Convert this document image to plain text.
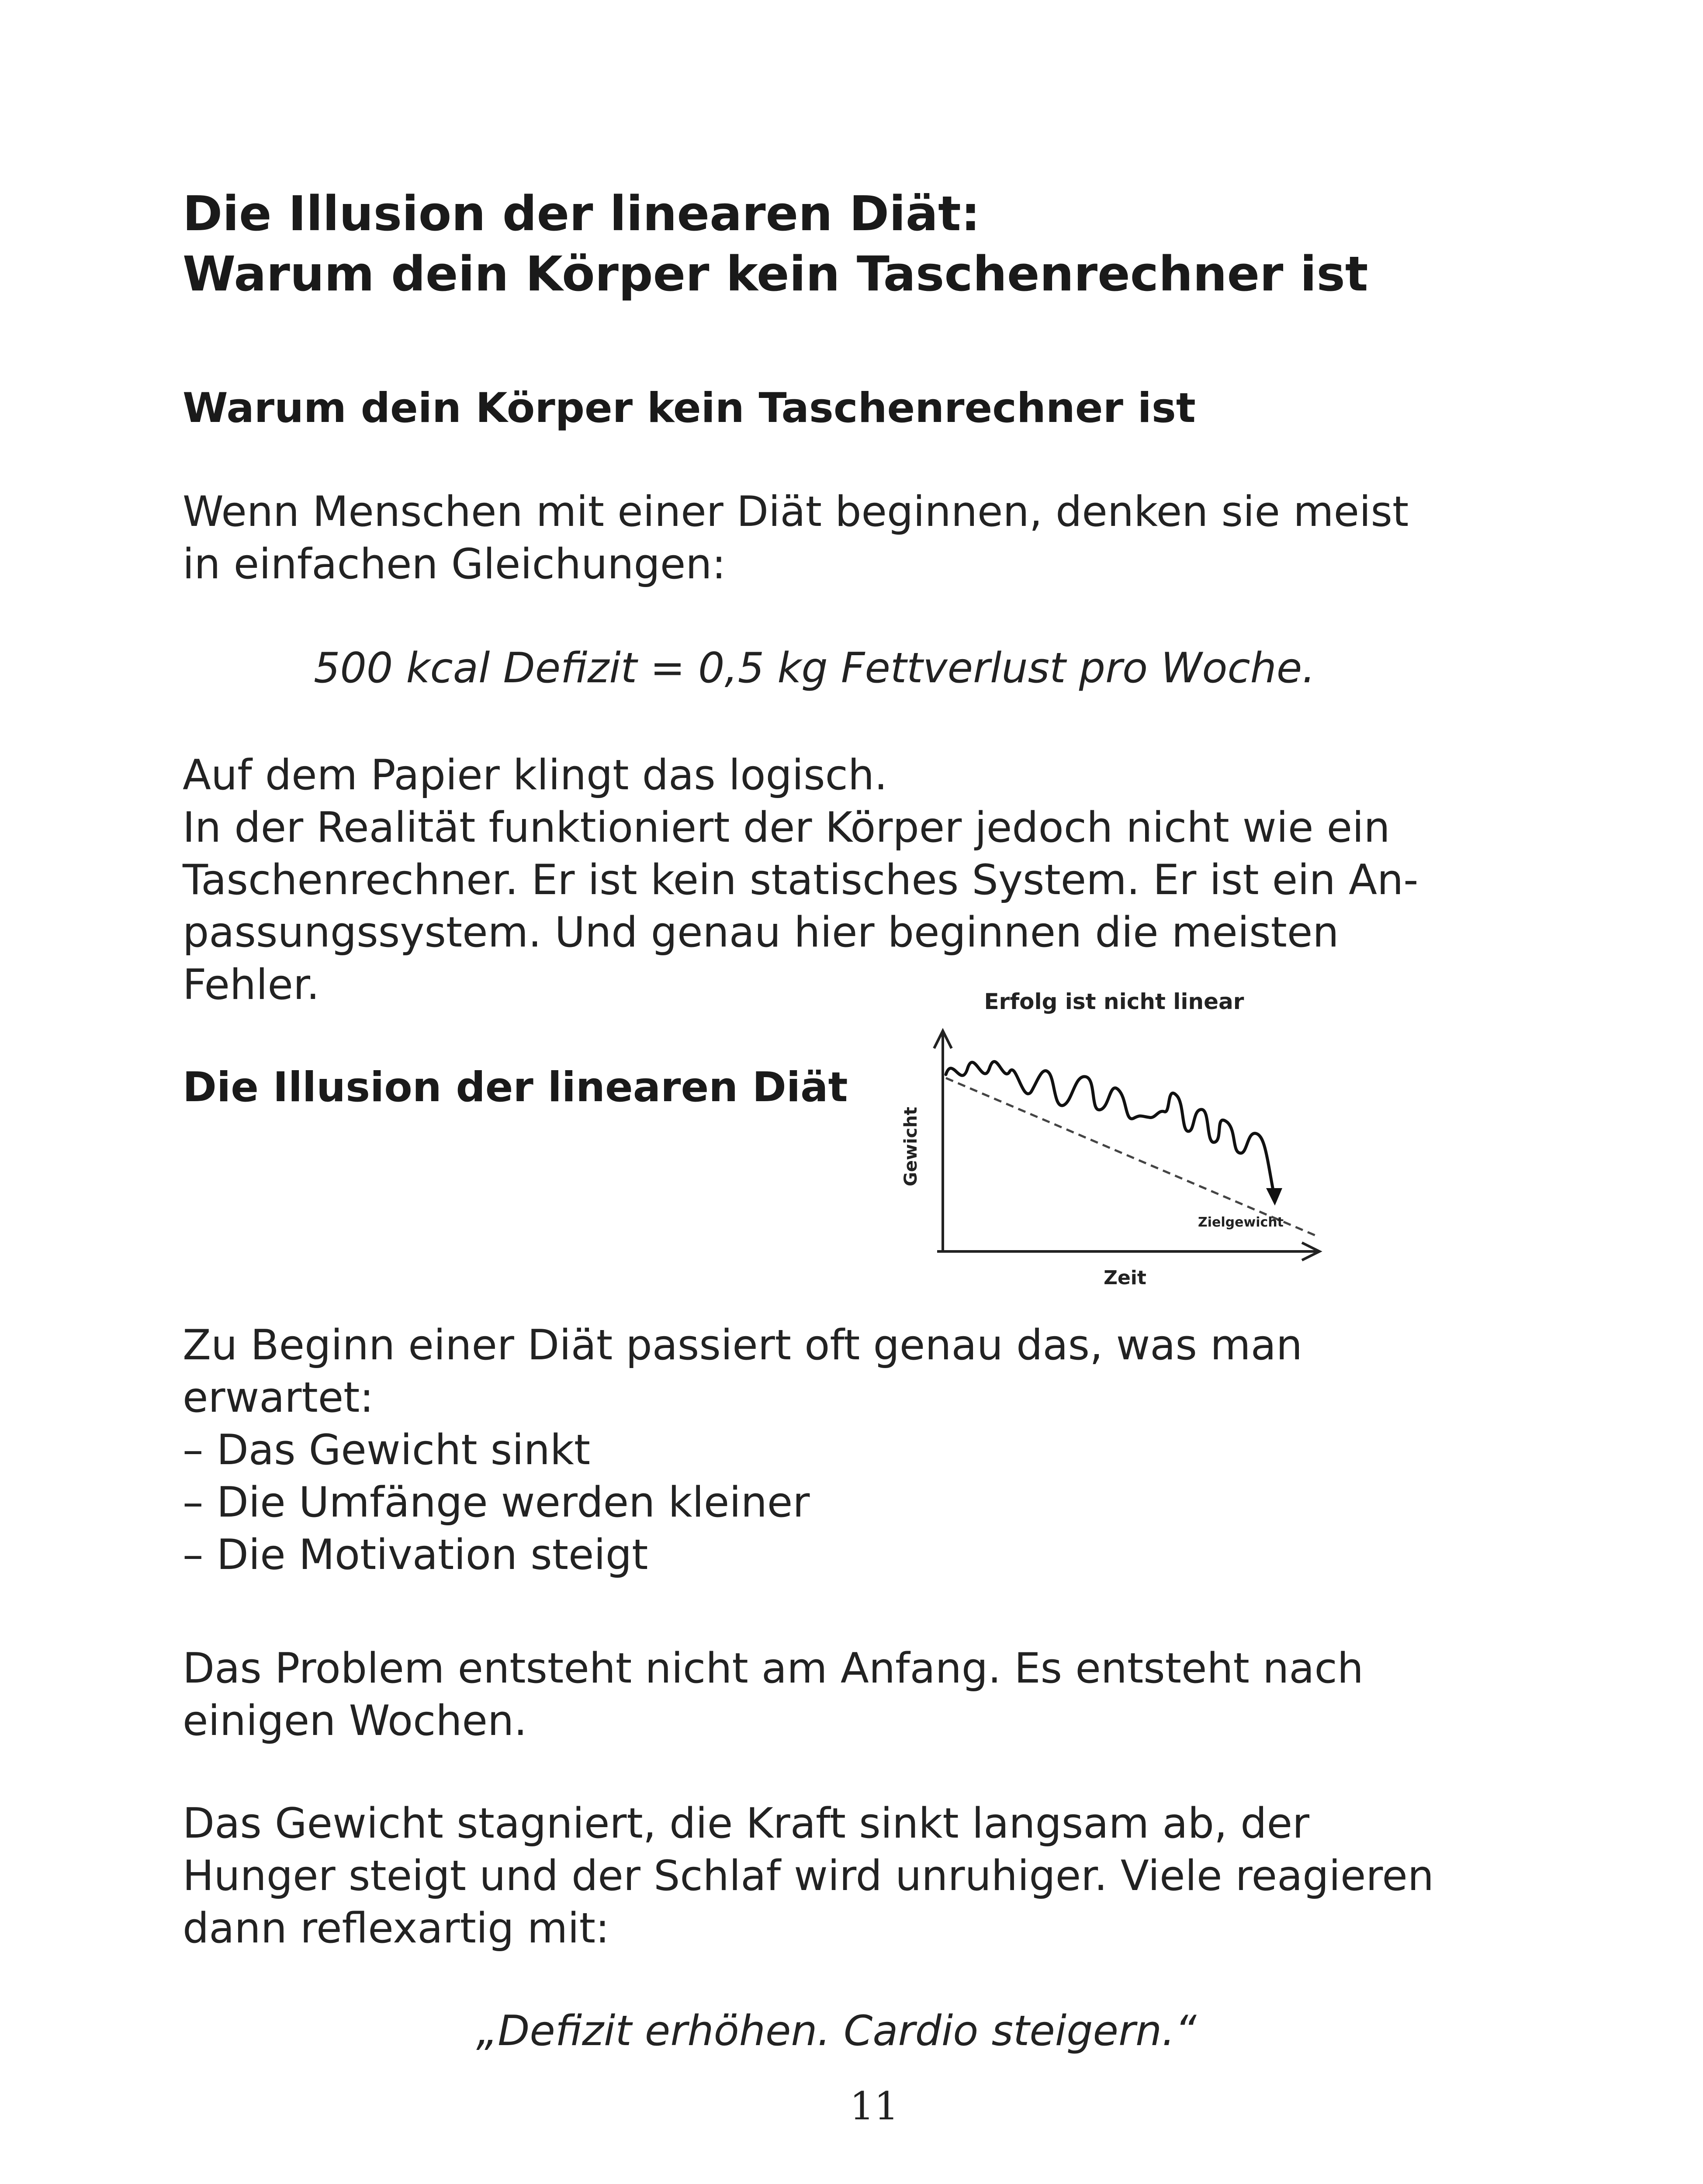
Die Illusion der linearen Diät:
Warum dein Körper kein Taschenrechner ist
Warum dein Körper kein Taschenrechner ist
Wenn Menschen mit einer Diät beginnen, denken sie meist
in einfachen Gleichungen:
500 kcal Defizit = 0,5 kg Fettverlust pro Woche.
Auf dem Papier klingt das logisch.
In der Realität funktioniert der Körper jedoch nicht wie ein
Taschenrechner. Er ist kein statisches System. Er ist ein An-
passungssystem. Und genau hier beginnen die meisten
Fehler.
Die Illusion der linearen Diät
Erfolg ist nicht linear
Gewicht
Zeit
Zielgewicht
Zu Beginn einer Diät passiert oft genau das, was man
erwartet:
– Das Gewicht sinkt
– Die Umfänge werden kleiner
– Die Motivation steigt
Das Problem entsteht nicht am Anfang. Es entsteht nach
einigen Wochen.
Das Gewicht stagniert, die Kraft sinkt langsam ab, der
Hunger steigt und der Schlaf wird unruhiger. Viele reagieren
dann reflexartig mit:
„Defizit erhöhen. Cardio steigern.“
11
